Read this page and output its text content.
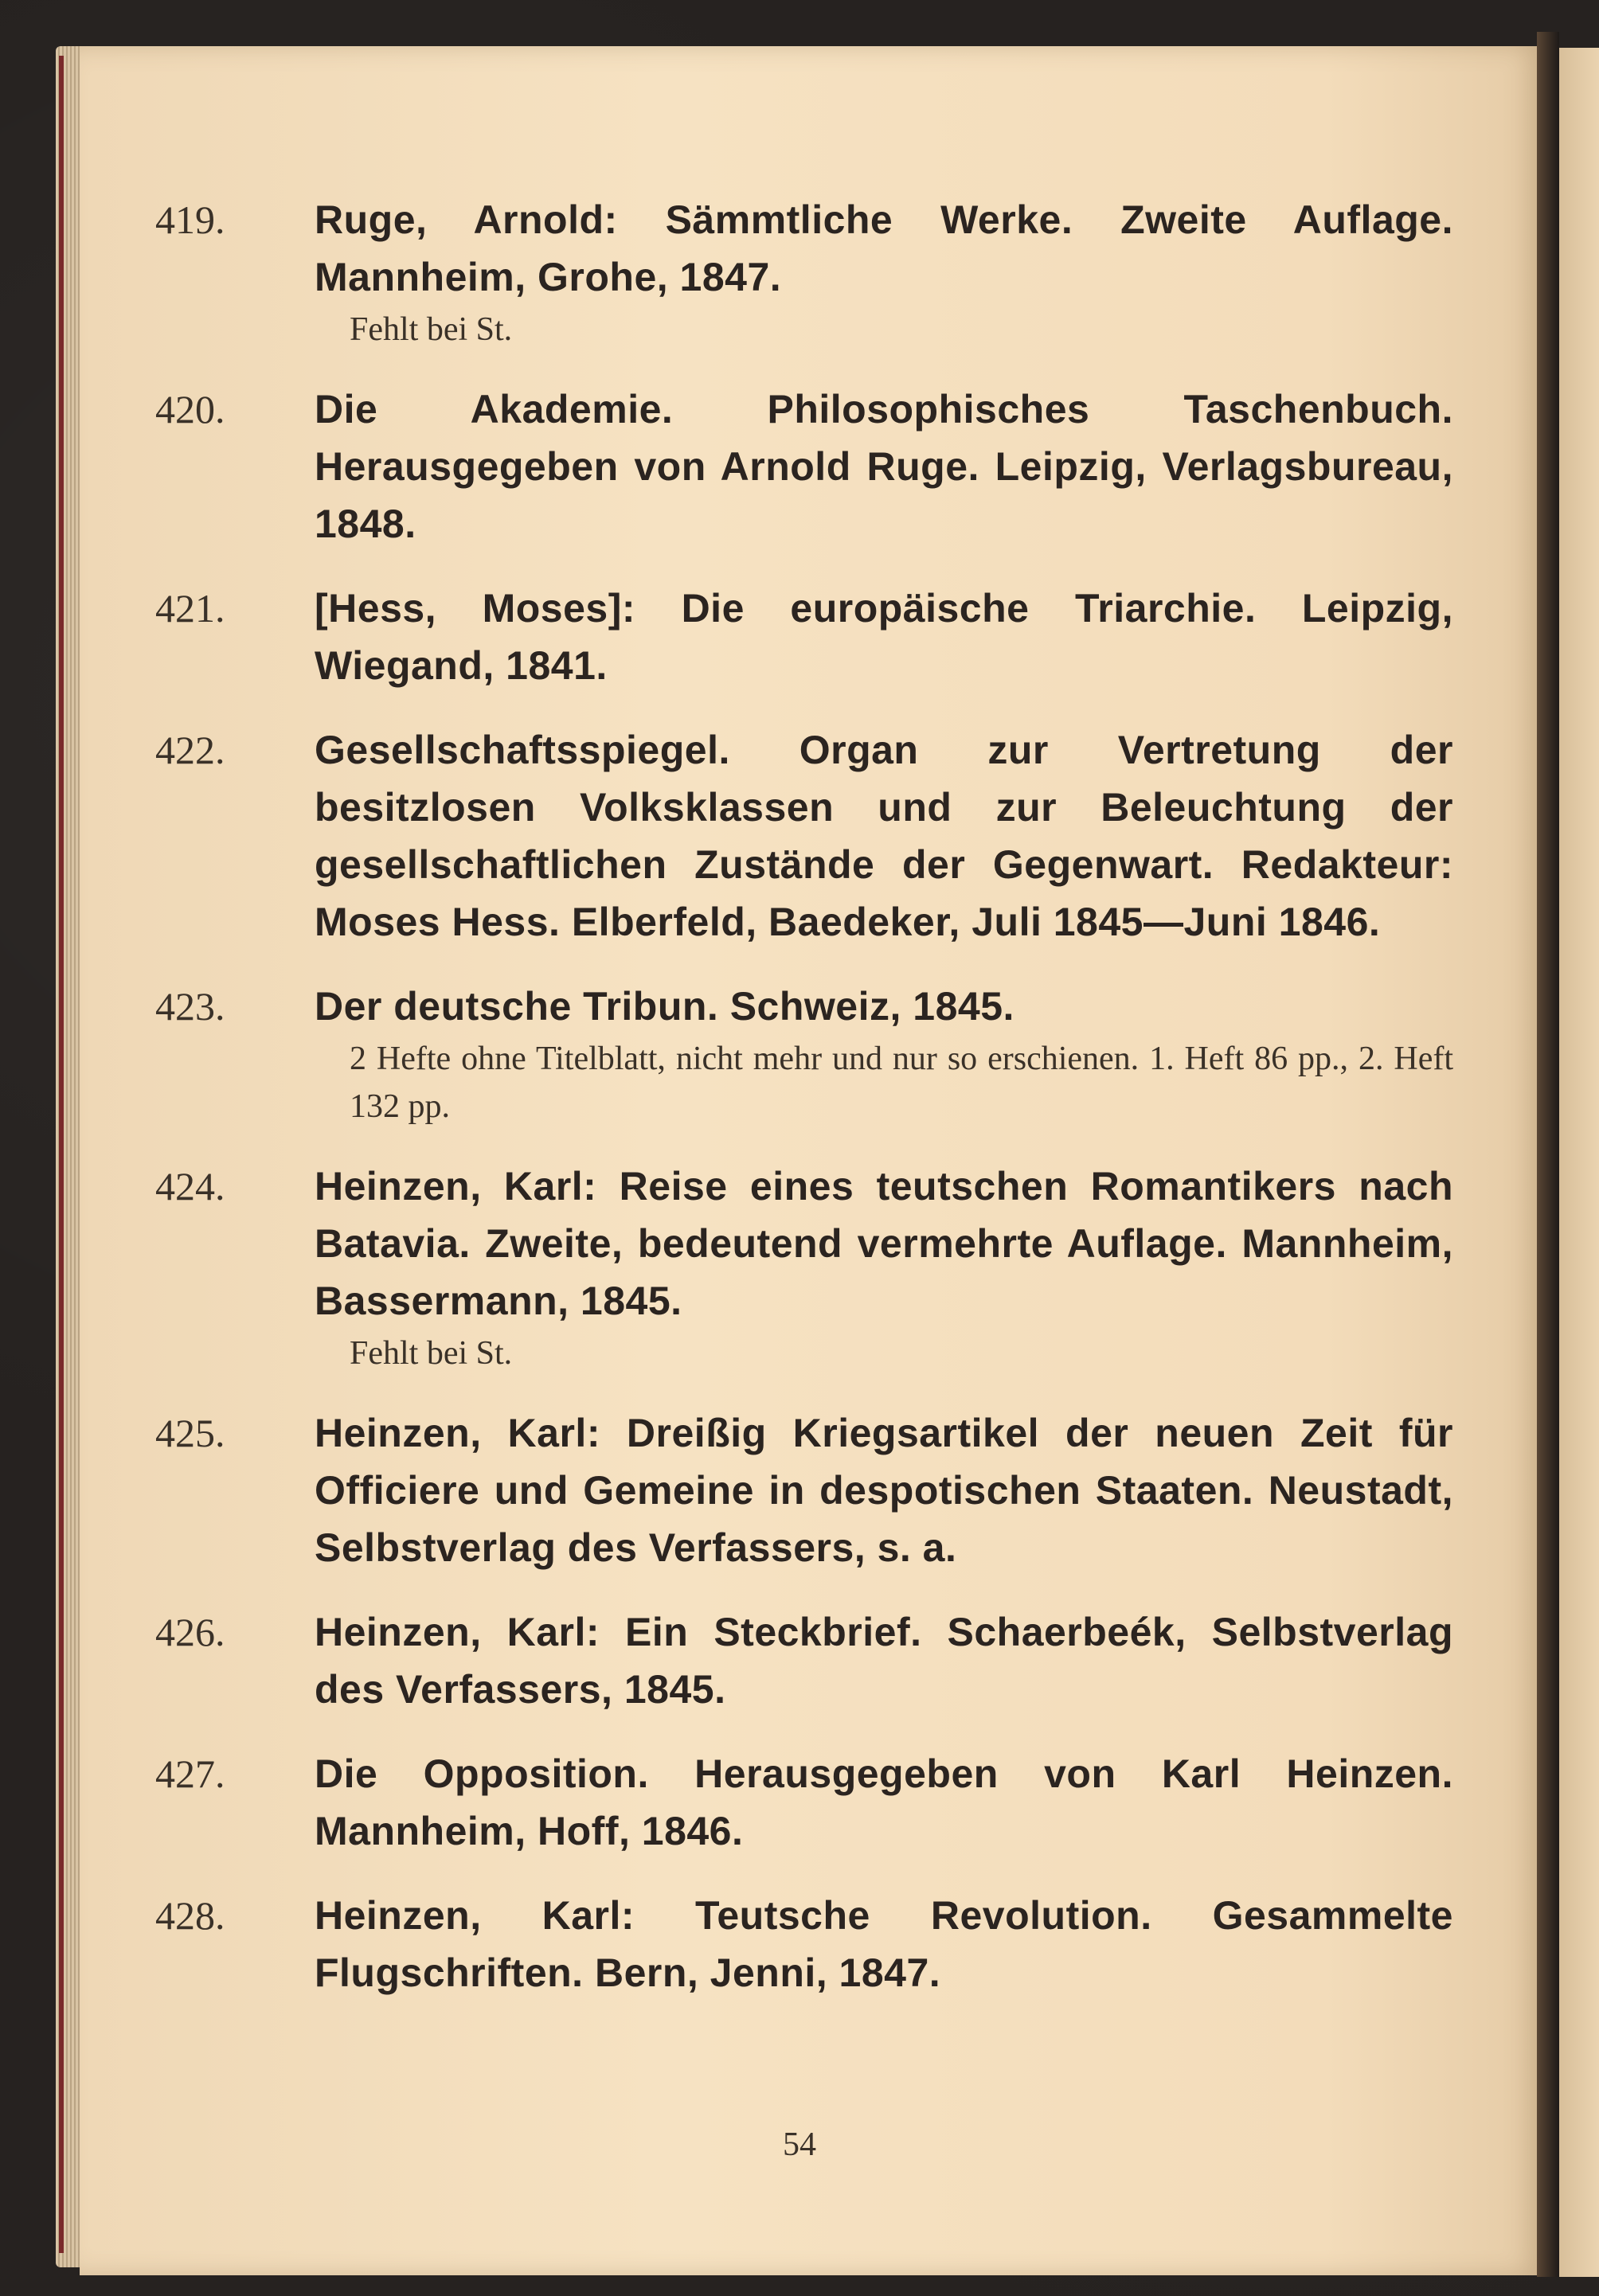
419.	Ruge, Arnold: Sämmtliche Werke. Zweite Auflage. Mannheim, Grohe, 1847.
Fehlt bei St.
420.	Die Akademie. Philosophisches Taschenbuch. Herausgegeben von Arnold Ruge. Leipzig, Verlagsbureau, 1848.
421.	[Hess, Moses]: Die europäische Triarchie. Leipzig, Wiegand, 1841.
422.	Gesellschaftsspiegel. Organ zur Vertretung der besitzlosen Volksklassen und zur Beleuchtung der gesellschaftlichen Zustände der Gegenwart. Redakteur: Moses Hess. Elberfeld, Baedeker, Juli 1845—Juni 1846.
423.	Der deutsche Tribun. Schweiz, 1845.
2 Hefte ohne Titelblatt, nicht mehr und nur so erschienen. 1. Heft 86 pp., 2. Heft 132 pp.
424.	Heinzen, Karl: Reise eines teutschen Romantikers nach Batavia. Zweite, bedeutend vermehrte Auflage. Mannheim, Bassermann, 1845.
Fehlt bei St.
425.	Heinzen, Karl: Dreißig Kriegsartikel der neuen Zeit für Officiere und Gemeine in despotischen Staaten. Neustadt, Selbstverlag des Verfassers, s. a.
426.	Heinzen, Karl: Ein Steckbrief. Schaerbeék, Selbstverlag des Verfassers, 1845.
427.	Die Opposition. Herausgegeben von Karl Heinzen. Mannheim, Hoff, 1846.
428.	Heinzen, Karl: Teutsche Revolution. Gesammelte Flugschriften. Bern, Jenni, 1847.
54
